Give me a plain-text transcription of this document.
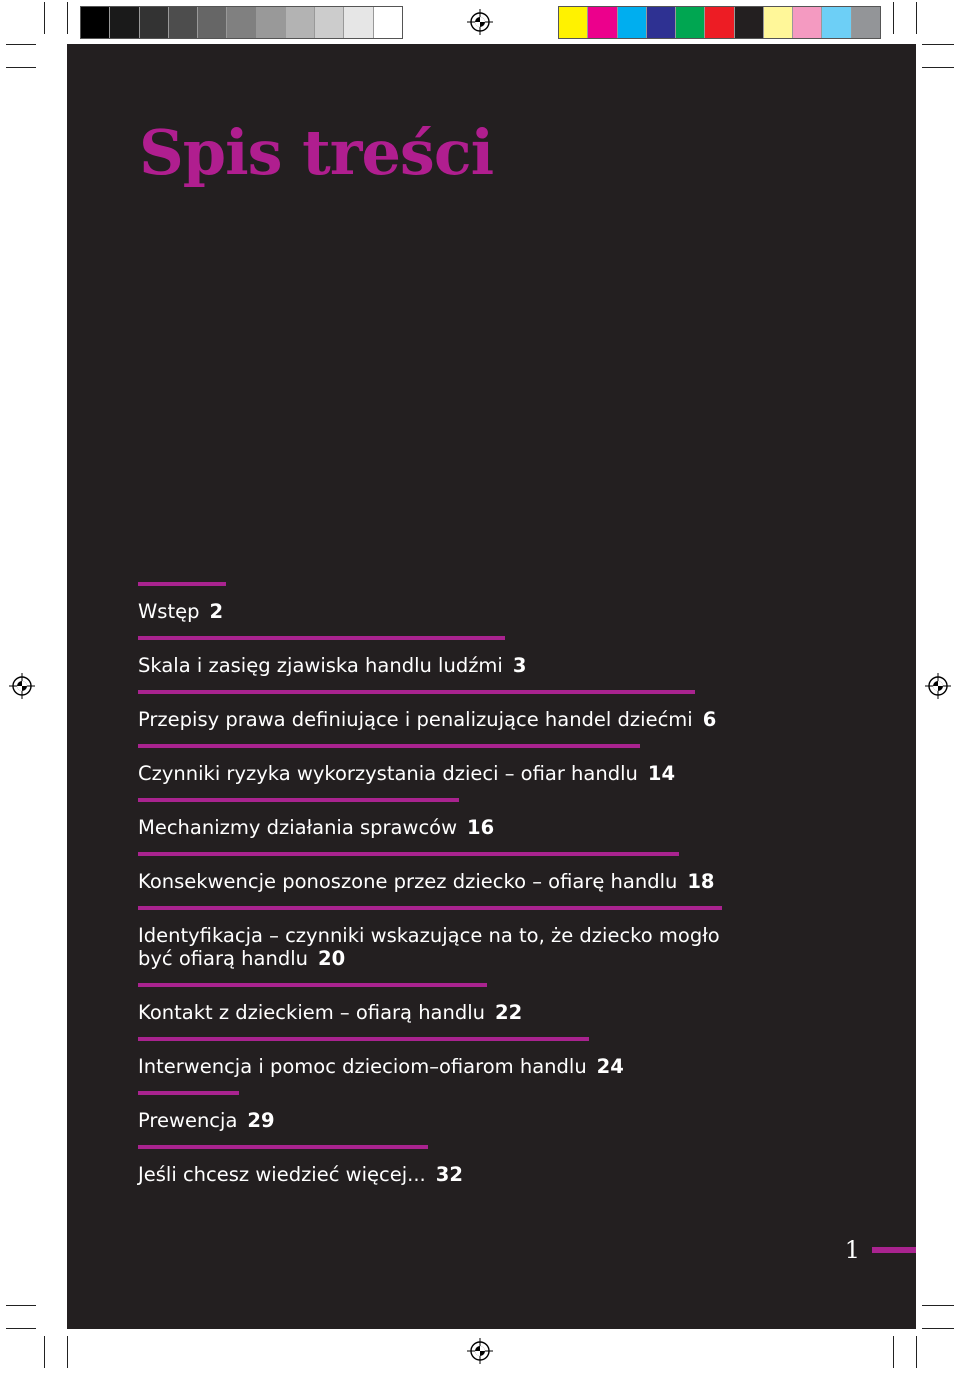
Spis treści
Wstęp 2
Skala i zasięg zjawiska handlu ludźmi 3
Przepisy prawa definiujące i penalizujące handel dziećmi 6
Czynniki ryzyka wykorzystania dzieci – ofiar handlu 14
Mechanizmy działania sprawców 16
Konsekwencje ponoszone przez dziecko – ofiarę handlu 18
Identyfikacja – czynniki wskazujące na to, że dziecko mogło być ofiarą handlu 20
Kontakt z dzieckiem – ofiarą handlu 22
Interwencja i pomoc dzieciom–ofiarom handlu 24
Prewencja 29
Jeśli chcesz wiedzieć więcej... 32
1
